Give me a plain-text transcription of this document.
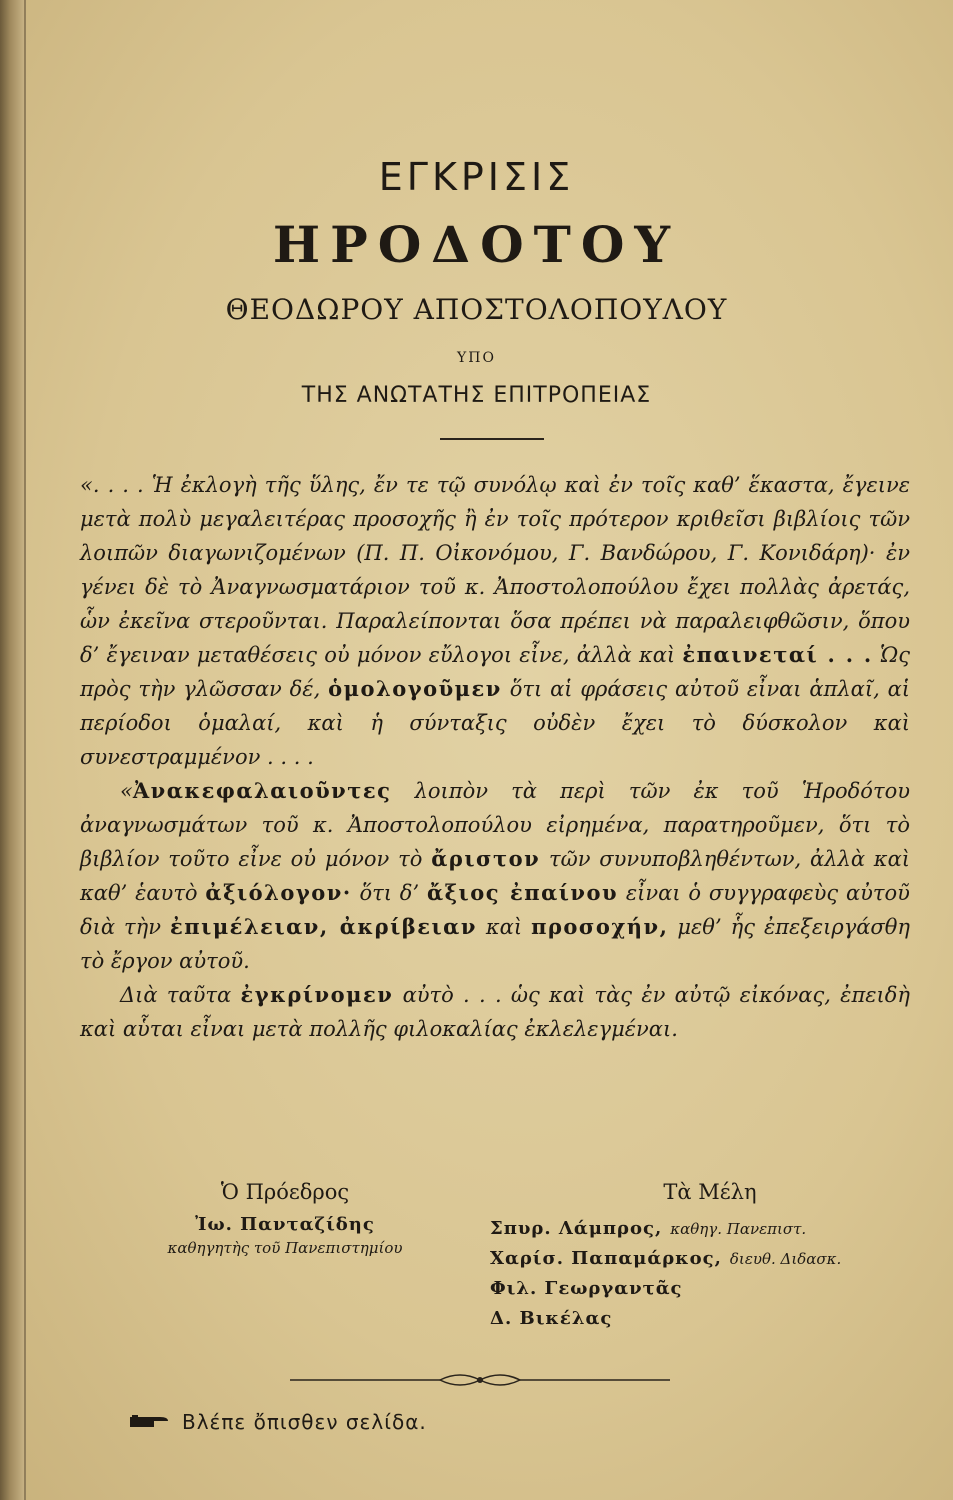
ΕΓΚΡΙΣΙΣ
ΗΡΟΔΟΤΟΥ
ΘΕΟΔΩΡΟΥ ΑΠΟΣΤΟΛΟΠΟΥΛΟΥ
ΥΠΟ
ΤΗΣ ΑΝΩΤΑΤΗΣ ΕΠΙΤΡΟΠΕΙΑΣ

«. . . . Ἡ ἐκλογὴ τῆς ὕλης, ἔν τε τῷ συνόλῳ καὶ ἐν τοῖς καθ’ ἕκαστα, ἔγεινε μετὰ πολὺ μεγαλειτέρας προσοχῆς ἢ ἐν τοῖς πρότερον κριθεῖσι βιβλίοις τῶν λοιπῶν διαγωνιζομένων (Π. Π. Οἰκονόμου, Γ. Βανδώρου, Γ. Κονιδάρη)· ἐν γένει δὲ τὸ Ἀναγνωσματάριον τοῦ κ. Ἀποστολοπούλου ἔχει πολλὰς ἀρετάς, ὧν ἐκεῖνα στεροῦνται. Παραλείπονται ὅσα πρέπει νὰ παραλειφθῶσιν, ὅπου δ’ ἔγειναν μεταθέσεις οὐ μόνον εὔλογοι εἶνε, ἀλλὰ καὶ ἐπαινεταί . . . Ὡς πρὸς τὴν γλῶσσαν δέ, ὁμολογοῦμεν ὅτι αἱ φράσεις αὐτοῦ εἶναι ἁπλαῖ, αἱ περίοδοι ὁμαλαί, καὶ ἡ σύνταξις οὐδὲν ἔχει τὸ δύσκολον καὶ συνεστραμμένον . . . .

«Ἀνακεφαλαιοῦντες λοιπὸν τὰ περὶ τῶν ἐκ τοῦ Ἡροδότου ἀναγνωσμάτων τοῦ κ. Ἀποστολοπούλου εἰρημένα, παρατηροῦμεν, ὅτι τὸ βιβλίον τοῦτο εἶνε οὐ μόνον τὸ ἄριστον τῶν συνυποβληθέντων, ἀλλὰ καὶ καθ’ ἑαυτὸ ἀξιόλογον· ὅτι δ’ ἄξιος ἐπαίνου εἶναι ὁ συγγραφεὺς αὐτοῦ διὰ τὴν ἐπιμέλειαν, ἀκρίβειαν καὶ προσοχήν, μεθ’ ἧς ἐπεξειργάσθη τὸ ἔργον αὐτοῦ.

Διὰ ταῦτα ἐγκρίνομεν αὐτὸ . . . ὡς καὶ τὰς ἐν αὐτῷ εἰκόνας, ἐπειδὴ καὶ αὗται εἶναι μετὰ πολλῆς φιλοκαλίας ἐκλελεγμέναι.

Ὁ Πρόεδρος
Ἰω. Πανταζίδης
καθηγητὴς τοῦ Πανεπιστημίου
Τὰ Μέλη
Σπυρ. Λάμπρος, καθηγ. Πανεπιστ.
Χαρίσ. Παπαμάρκος, διευθ. Διδασκ.
Φιλ. Γεωργαντᾶς
Δ. Βικέλας
Βλέπε ὄπισθεν σελίδα.
